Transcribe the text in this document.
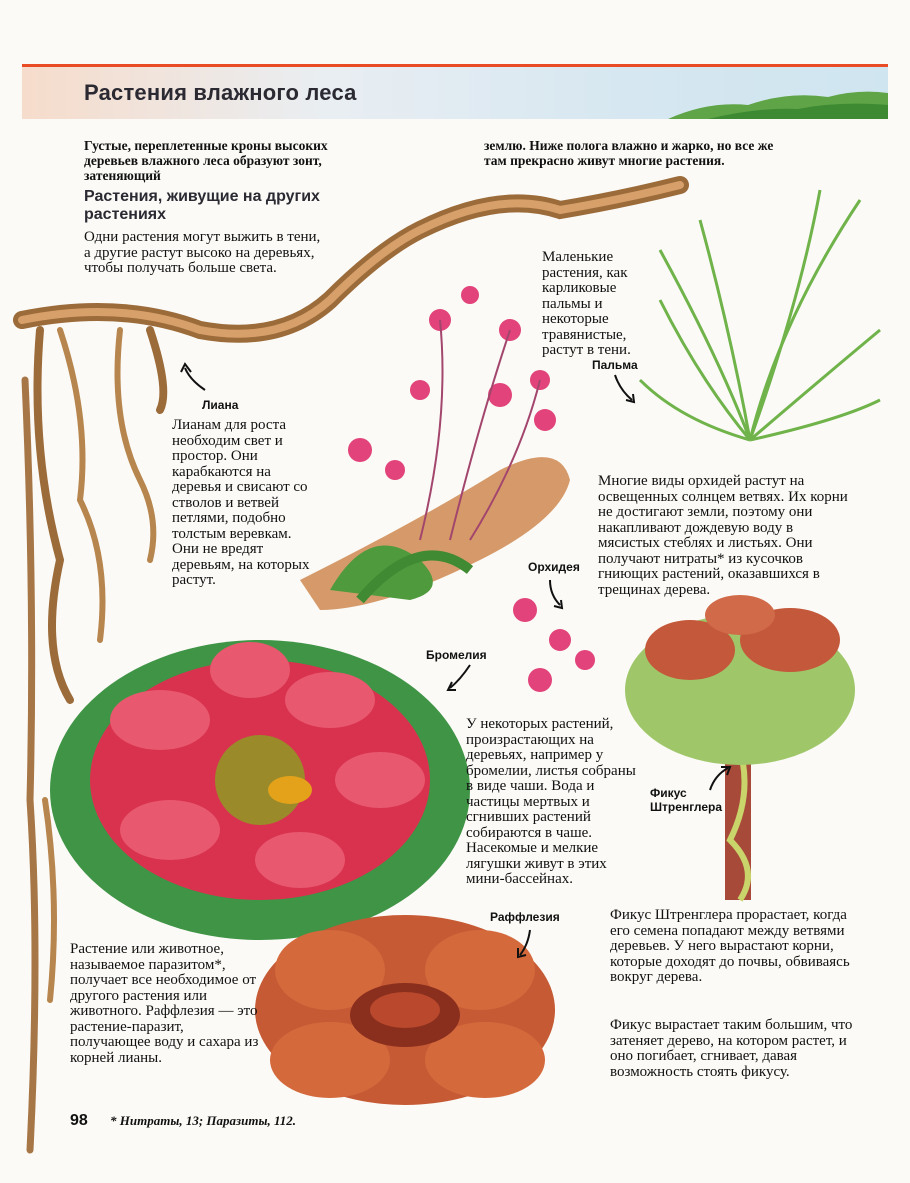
Растения влажного леса
Густые, переплетенные кроны высоких деревьев влажного леса образуют зонт, затеняющий
землю. Ниже полога влажно и жарко, но все же там прекрасно живут многие растения.
Растения, живущие на других растениях
Одни растения могут выжить в тени, а другие растут высоко на деревьях, чтобы получать больше света.
Маленькие растения, как карликовые пальмы и некоторые травянистые, растут в тени.
Лианам для роста необходим свет и простор. Они карабкаются на деревья и свисают со стволов и ветвей петлями, подобно толстым веревкам. Они не вредят деревьям, на которых растут.
Многие виды орхидей растут на освещенных солнцем ветвях. Их корни не достигают земли, поэтому они накапливают дождевую воду в мясистых стеблях и листьях. Они получают нитраты* из кусочков гниющих растений, оказавшихся в трещинах дерева.
У некоторых растений, произрастающих на деревьях, например у бромелии, листья собраны в виде чаши. Вода и частицы мертвых и сгнивших растений собираются в чаше. Насекомые и мелкие лягушки живут в этих мини-бассейнах.
Фикус Штренглера прорастает, когда его семена попадают между ветвями деревьев. У него вырастают корни, которые доходят до почвы, обвиваясь вокруг дерева.
Фикус вырастает таким большим, что затеняет дерево, на котором растет, и оно погибает, сгнивает, давая возможность стоять фикусу.
Растение или животное, называемое паразитом*, получает все необходимое от другого растения или животного. Раффлезия — это растение-паразит, получающее воду и сахара из корней лианы.
Лиана
Пальма
Орхидея
Бромелия
Фикус Штренглера
Раффлезия
98 * Нитраты, 13; Паразиты, 112.
